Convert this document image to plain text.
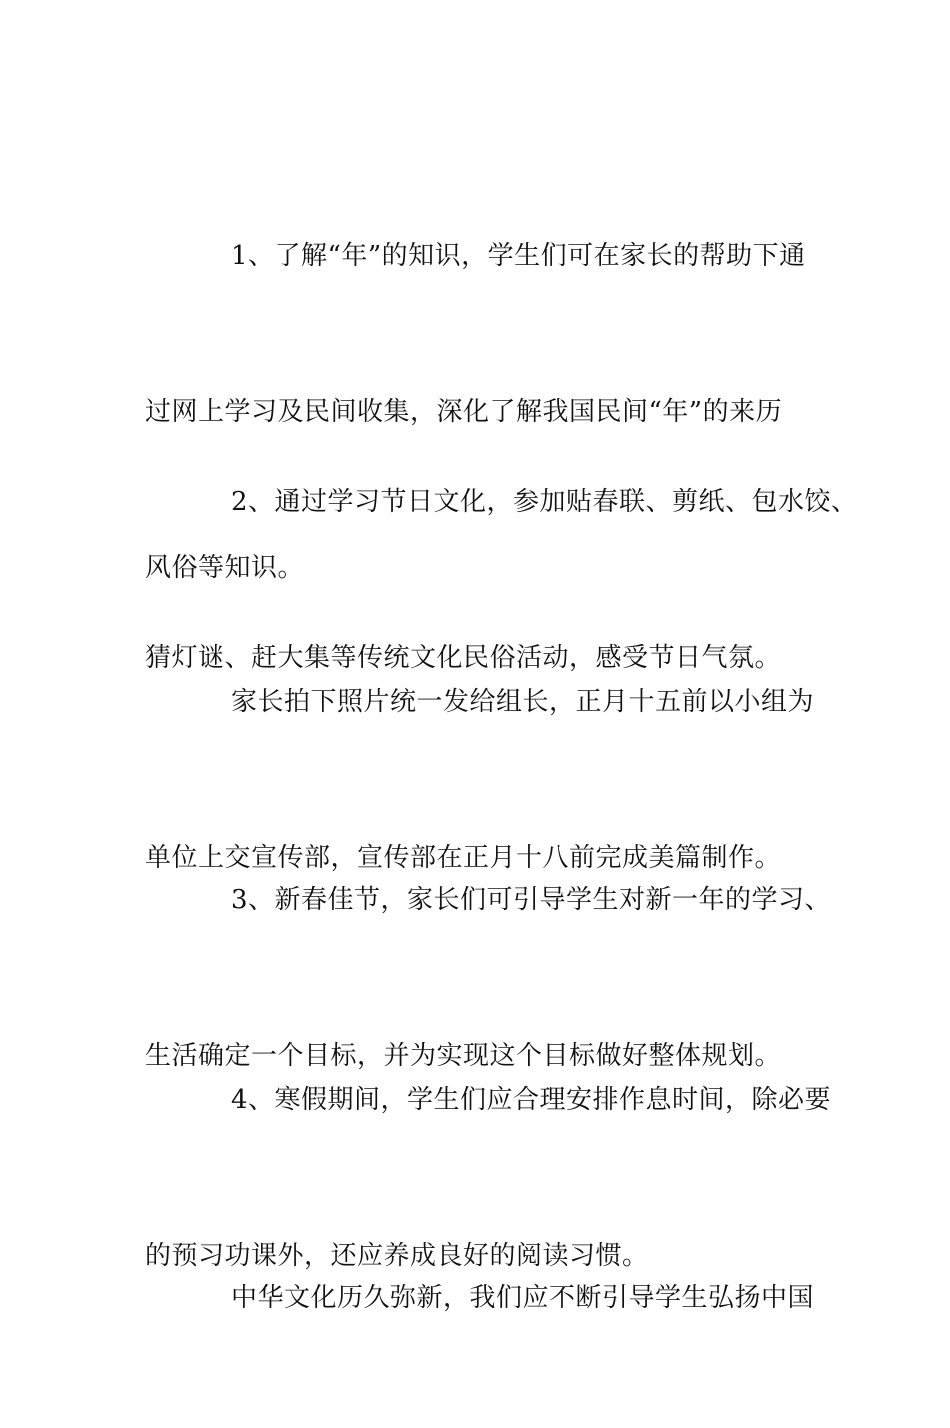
1、了解“年”的知识，学生们可在家长的帮助下通

过网上学习及民间收集，深化了解我国民间“年”的来历

风俗等知识。

2、通过学习节日文化，参加贴春联、剪纸、包水饺、

猜灯谜、赶大集等传统文化民俗活动，感受节日气氛。

家长拍下照片统一发给组长，正月十五前以小组为

单位上交宣传部，宣传部在正月十八前完成美篇制作。

3、新春佳节，家长们可引导学生对新一年的学习、

生活确定一个目标，并为实现这个目标做好整体规划。

4、寒假期间，学生们应合理安排作息时间，除必要

的预习功课外，还应养成良好的阅读习惯。

中华文化历久弥新，我们应不断引导学生弘扬中国
